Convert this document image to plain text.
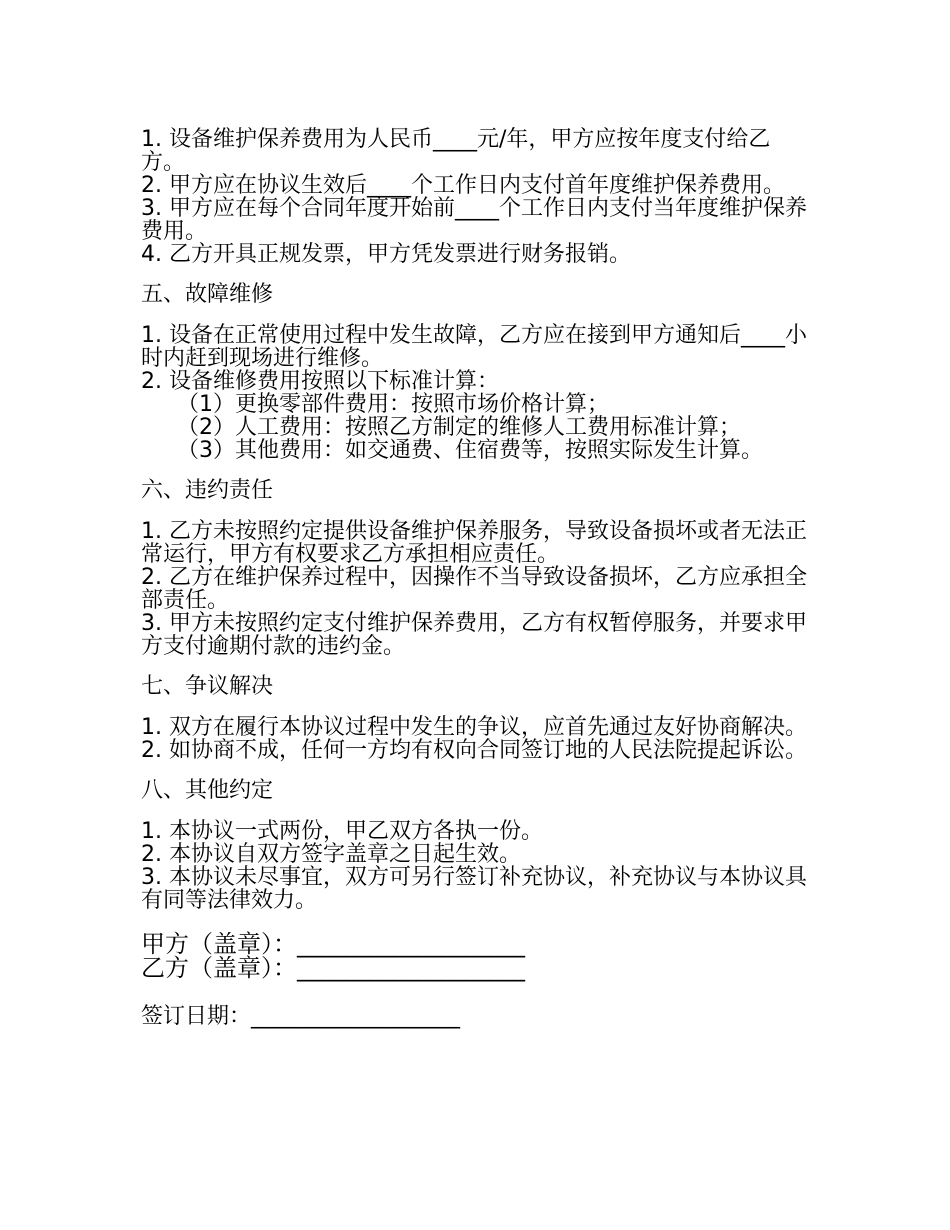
1. 设备维护保养费用为人民币____元/年，甲方应按年度支付给乙方。

2. 甲方应在协议生效后____个工作日内支付首年度维护保养费用。

3. 甲方应在每个合同年度开始前____个工作日内支付当年度维护保养费用。

4. 乙方开具正规发票，甲方凭发票进行财务报销。

五、故障维修

1. 设备在正常使用过程中发生故障，乙方应在接到甲方通知后____小时内赶到现场进行维修。

2. 设备维修费用按照以下标准计算：

（1）更换零部件费用：按照市场价格计算；

（2）人工费用：按照乙方制定的维修人工费用标准计算；

（3）其他费用：如交通费、住宿费等，按照实际发生计算。

六、违约责任

1. 乙方未按照约定提供设备维护保养服务，导致设备损坏或者无法正常运行，甲方有权要求乙方承担相应责任。

2. 乙方在维护保养过程中，因操作不当导致设备损坏，乙方应承担全部责任。

3. 甲方未按照约定支付维护保养费用，乙方有权暂停服务，并要求甲方支付逾期付款的违约金。

七、争议解决

1. 双方在履行本协议过程中发生的争议，应首先通过友好协商解决。

2. 如协商不成，任何一方均有权向合同签订地的人民法院提起诉讼。

八、其他约定

1. 本协议一式两份，甲乙双方各执一份。

2. 本协议自双方签字盖章之日起生效。

3. 本协议未尽事宜，双方可另行签订补充协议，补充协议与本协议具有同等法律效力。

甲方（盖章）：___________________

乙方（盖章）：___________________

签订日期：___________________
